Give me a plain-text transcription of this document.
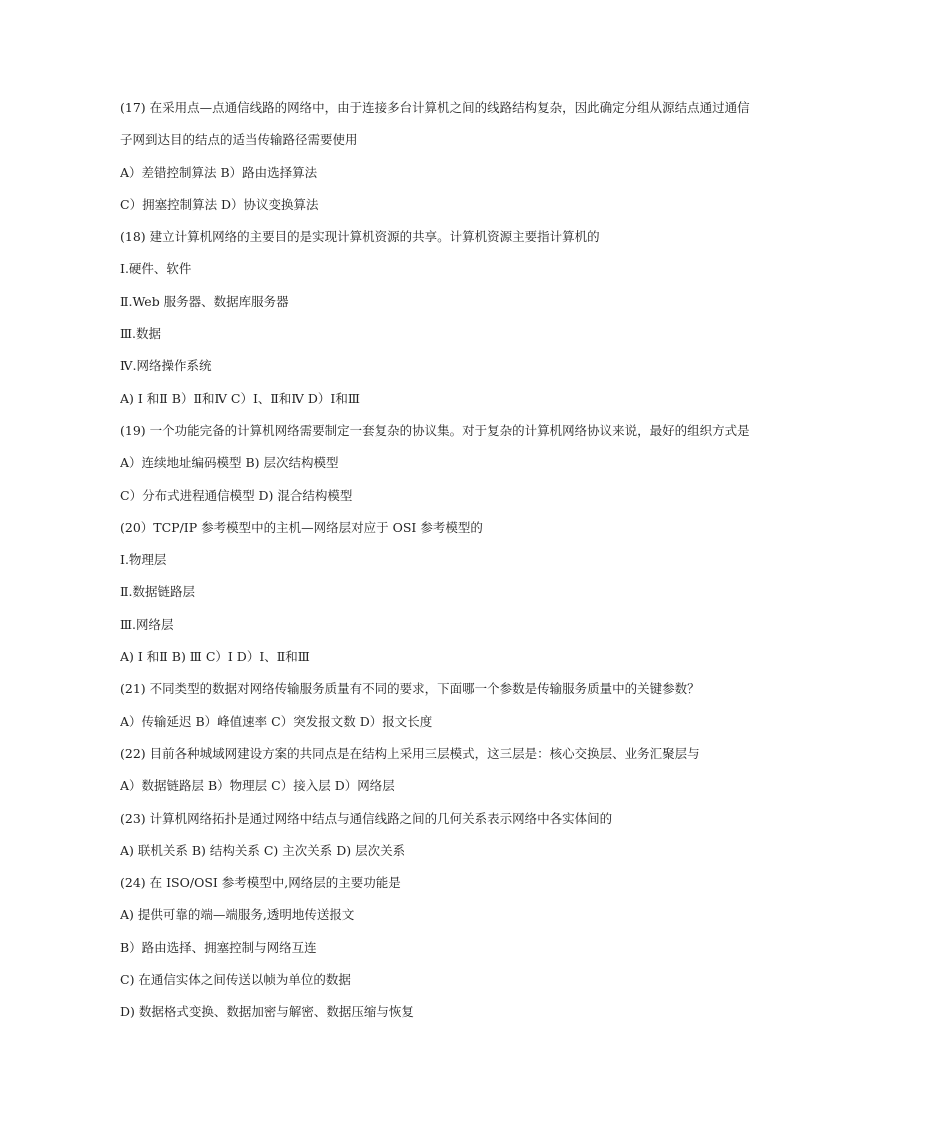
(17) 在采用点—点通信线路的网络中，由于连接多台计算机之间的线路结构复杂，因此确定分组从源结点通过通信
子网到达目的结点的适当传输路径需要使用
A）差错控制算法 B）路由选择算法
C）拥塞控制算法 D）协议变换算法
(18) 建立计算机网络的主要目的是实现计算机资源的共享。计算机资源主要指计算机的
Ⅰ.硬件、软件
Ⅱ.Web 服务器、数据库服务器
Ⅲ.数据
Ⅳ.网络操作系统
A) Ⅰ 和Ⅱ B）Ⅱ和Ⅳ C）Ⅰ、Ⅱ和Ⅳ D）Ⅰ和Ⅲ
(19) 一个功能完备的计算机网络需要制定一套复杂的协议集。对于复杂的计算机网络协议来说，最好的组织方式是
A）连续地址编码模型 B) 层次结构模型
C）分布式进程通信模型 D) 混合结构模型
(20）TCP/IP 参考模型中的主机—网络层对应于 OSI 参考模型的
Ⅰ.物理层
Ⅱ.数据链路层
Ⅲ.网络层
A) Ⅰ 和Ⅱ B) Ⅲ C）Ⅰ D）Ⅰ、Ⅱ和Ⅲ
(21) 不同类型的数据对网络传输服务质量有不同的要求，下面哪一个参数是传输服务质量中的关键参数？
A）传输延迟 B）峰值速率 C）突发报文数 D）报文长度
(22) 目前各种城域网建设方案的共同点是在结构上采用三层模式，这三层是：核心交换层、业务汇聚层与
A）数据链路层 B）物理层 C）接入层 D）网络层
(23) 计算机网络拓扑是通过网络中结点与通信线路之间的几何关系表示网络中各实体间的
A) 联机关系 B) 结构关系 C) 主次关系 D) 层次关系
(24) 在 ISO/OSI 参考模型中,网络层的主要功能是
A) 提供可靠的端—端服务,透明地传送报文
B）路由选择、拥塞控制与网络互连
C) 在通信实体之间传送以帧为单位的数据
D) 数据格式变换、数据加密与解密、数据压缩与恢复
